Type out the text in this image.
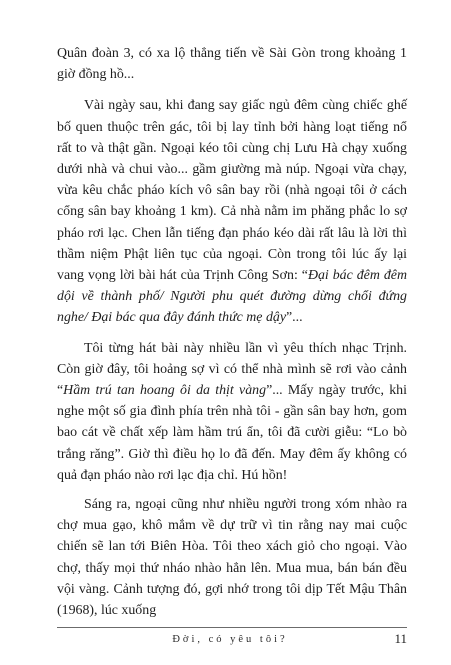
Quân đoàn 3, có xa lộ thẳng tiến về Sài Gòn trong khoảng 1 giờ đồng hồ...

Vài ngày sau, khi đang say giấc ngủ đêm cùng chiếc ghế bố quen thuộc trên gác, tôi bị lay tỉnh bởi hàng loạt tiếng nổ rất to và thật gần. Ngoại kéo tôi cùng chị Lưu Hà chạy xuống dưới nhà và chui vào... gầm giường mà núp. Ngoại vừa chạy, vừa kêu chắc pháo kích vô sân bay rồi (nhà ngoại tôi ở cách cổng sân bay khoảng 1 km). Cả nhà nằm im phăng phắc lo sợ pháo rơi lạc. Chen lẫn tiếng đạn pháo kéo dài rất lâu là lời thì thầm niệm Phật liên tục của ngoại. Còn trong tôi lúc ấy lại vang vọng lời bài hát của Trịnh Công Sơn: “Đại bác đêm đêm dội về thành phố/ Người phu quét đường dừng chổi đứng nghe/ Đại bác qua đây đánh thức mẹ dậy”...

Tôi từng hát bài này nhiều lần vì yêu thích nhạc Trịnh. Còn giờ đây, tôi hoảng sợ vì có thể nhà mình sẽ rơi vào cảnh “Hầm trú tan hoang ôi da thịt vàng”... Mấy ngày trước, khi nghe một số gia đình phía trên nhà tôi - gần sân bay hơn, gom bao cát về chất xếp làm hầm trú ẩn, tôi đã cười giễu: “Lo bò trắng răng”. Giờ thì điều họ lo đã đến. May đêm ấy không có quả đạn pháo nào rơi lạc địa chỉ. Hú hồn!

Sáng ra, ngoại cũng như nhiều người trong xóm nhào ra chợ mua gạo, khô mắm về dự trữ vì tin rằng nay mai cuộc chiến sẽ lan tới Biên Hòa. Tôi theo xách giỏ cho ngoại. Vào chợ, thấy mọi thứ nháo nhào hẳn lên. Mua mua, bán bán đều vội vàng. Cảnh tượng đó, gợi nhớ trong tôi dịp Tết Mậu Thân (1968), lúc xuống

Đời, có yêu tôi?	11
